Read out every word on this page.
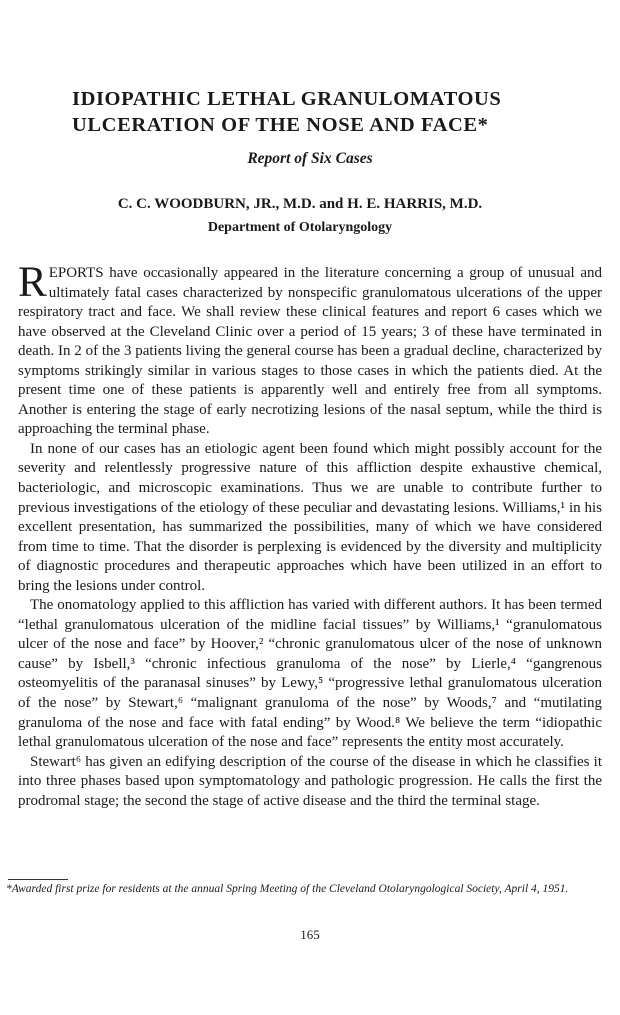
IDIOPATHIC LETHAL GRANULOMATOUS ULCERATION OF THE NOSE AND FACE*

Report of Six Cases

C. C. WOODBURN, JR., M.D. and H. E. HARRIS, M.D.

Department of Otolaryngology

REPORTS have occasionally appeared in the literature concerning a group of unusual and ultimately fatal cases characterized by nonspecific granulomatous ulcerations of the upper respiratory tract and face. We shall review these clinical features and report 6 cases which we have observed at the Cleveland Clinic over a period of 15 years; 3 of these have terminated in death. In 2 of the 3 patients living the general course has been a gradual decline, characterized by symptoms strikingly similar in various stages to those cases in which the patients died. At the present time one of these patients is apparently well and entirely free from all symptoms. Another is entering the stage of early necrotizing lesions of the nasal septum, while the third is approaching the terminal phase.

In none of our cases has an etiologic agent been found which might possibly account for the severity and relentlessly progressive nature of this affliction despite exhaustive chemical, bacteriologic, and microscopic examinations. Thus we are unable to contribute further to previous investigations of the etiology of these peculiar and devastating lesions. Williams,¹ in his excellent presentation, has summarized the possibilities, many of which we have considered from time to time. That the disorder is perplexing is evidenced by the diversity and multiplicity of diagnostic procedures and therapeutic approaches which have been utilized in an effort to bring the lesions under control.

The onomatology applied to this affliction has varied with different authors. It has been termed “lethal granulomatous ulceration of the midline facial tissues” by Williams,¹ “granulomatous ulcer of the nose and face” by Hoover,² “chronic granulomatous ulcer of the nose of unknown cause” by Isbell,³ “chronic infectious granuloma of the nose” by Lierle,⁴ “gangrenous osteomyelitis of the paranasal sinuses” by Lewy,⁵ “progressive lethal granulomatous ulceration of the nose” by Stewart,⁶ “malignant granuloma of the nose” by Woods,⁷ and “mutilating granuloma of the nose and face with fatal ending” by Wood.⁸ We believe the term “idiopathic lethal granulomatous ulceration of the nose and face” represents the entity most accurately.

Stewart⁶ has given an edifying description of the course of the disease in which he classifies it into three phases based upon symptomatology and pathologic progression. He calls the first the prodromal stage; the second the stage of active disease and the third the terminal stage.

*Awarded first prize for residents at the annual Spring Meeting of the Cleveland Otolaryngological Society, April 4, 1951.
165
